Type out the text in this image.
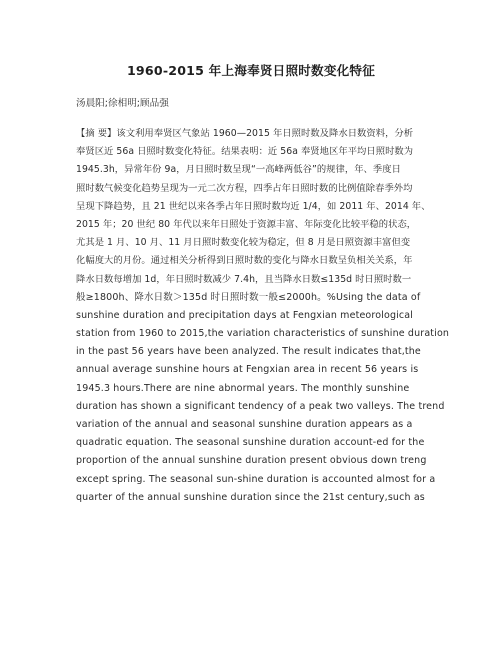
1960-2015 年上海奉贤日照时数变化特征
汤晨阳;徐相明;顾品强
【摘 要】该文利用奉贤区气象站 1960—2015 年日照时数及降水日数资料，分析
奉贤区近 56a 日照时数变化特征。结果表明：近 56a 奉贤地区年平均日照时数为
1945.3h，异常年份 9a，月日照时数呈现“一高峰两低谷”的规律，年、季度日
照时数气候变化趋势呈现为一元二次方程，四季占年日照时数的比例值除春季外均
呈现下降趋势，且 21 世纪以来各季占年日照时数均近 1/4，如 2011 年、2014 年、
2015 年；20 世纪 80 年代以来年日照处于资源丰富、年际变化比较平稳的状态，
尤其是 1 月、10 月、11 月日照时数变化较为稳定，但 8 月是日照资源丰富但变
化幅度大的月份。通过相关分析得到日照时数的变化与降水日数呈负相关关系，年
降水日数每增加 1d，年日照时数减少 7.4h，且当降水日数≤135d 时日照时数一
般≥1800h、降水日数＞135d 时日照时数一般≤2000h。%Using the data of
sunshine duration and precipitation days at Fengxian meteorological
station from 1960 to 2015,the variation characteristics of sunshine duration
in the past 56 years have been analyzed. The result indicates that,the
annual average sunshine hours at Fengxian area in recent 56 years is
1945.3 hours.There are nine abnormal years. The monthly sunshine
duration has shown a significant tendency of a peak two valleys. The trend
variation of the annual and seasonal sunshine duration appears as a
quadratic equation. The seasonal sunshine duration account-ed for the
proportion of the annual sunshine duration present obvious down treng
except spring. The seasonal sun-shine duration is accounted almost for a
quarter of the annual sunshine duration since the 21st century,such as
